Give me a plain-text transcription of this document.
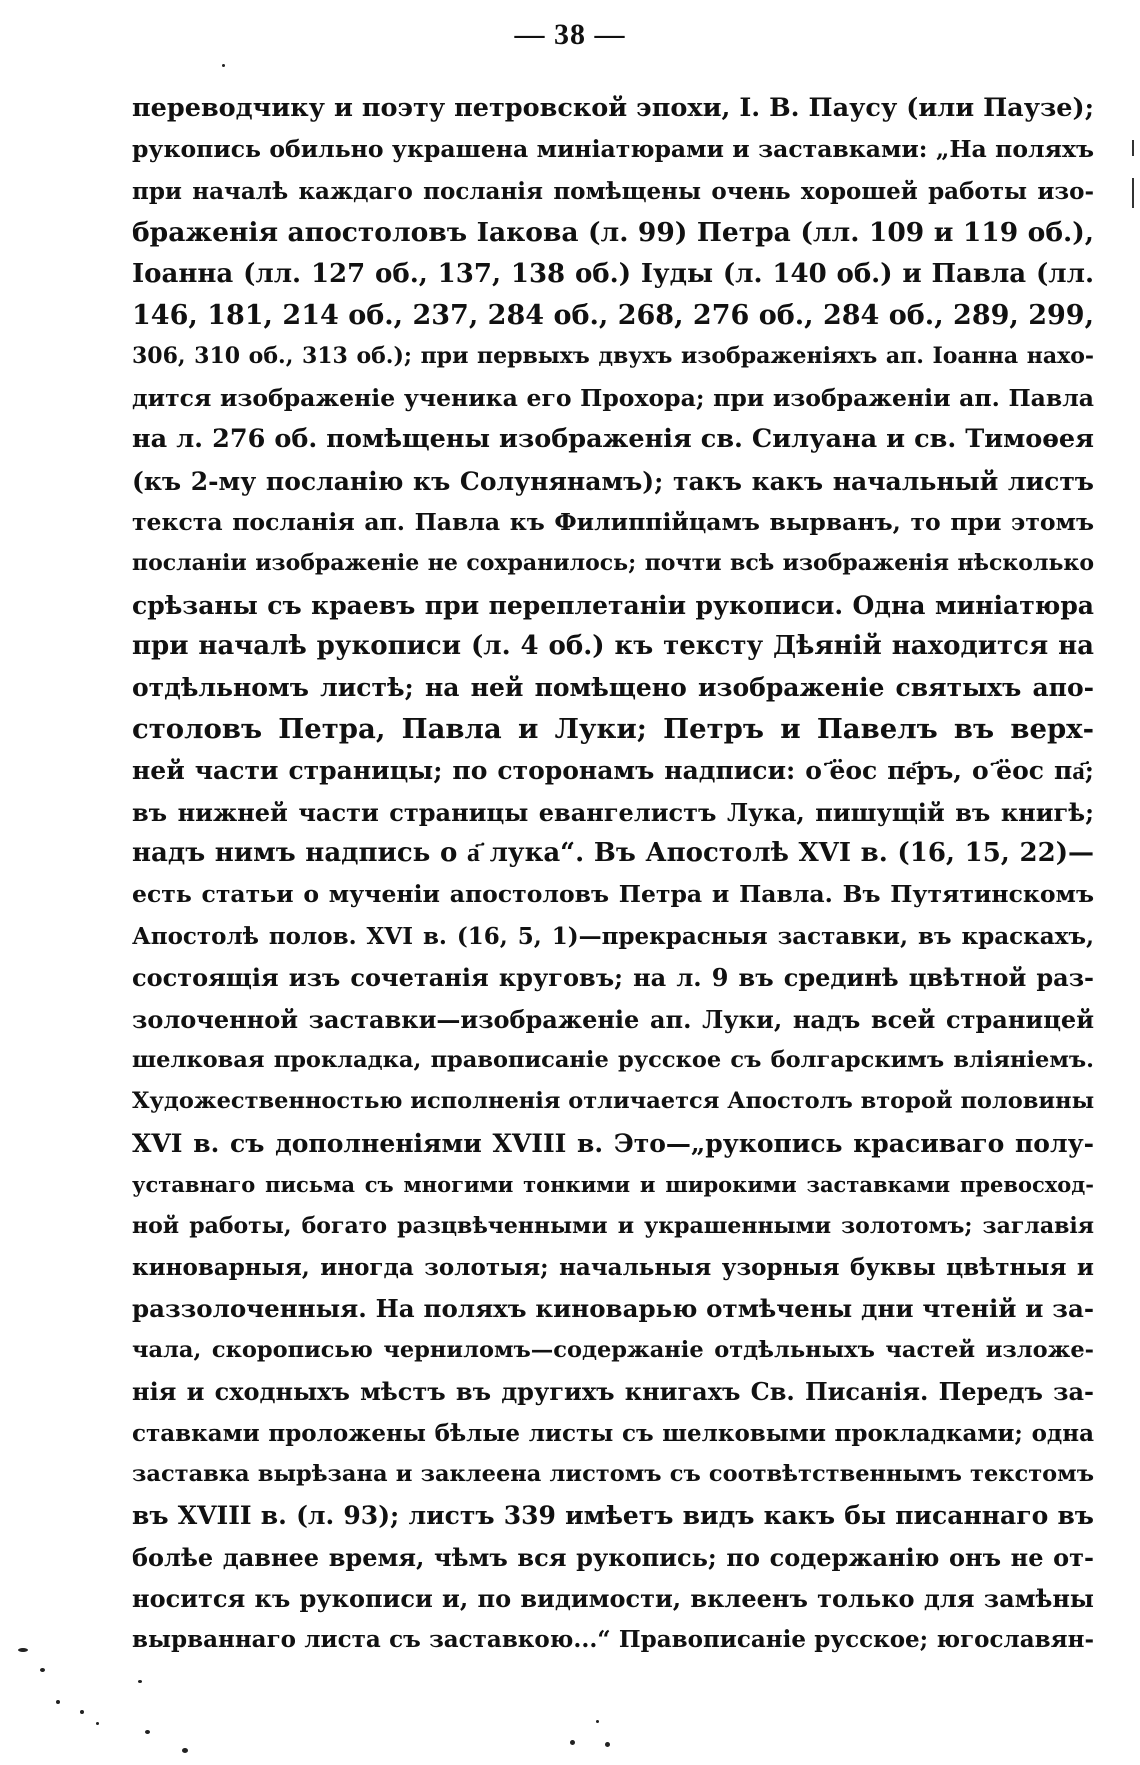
— 38 —
переводчику и поэту петровской эпохи, I. В. Паусу (или Паузе);
рукопись обильно украшена миніатюрами и заставками: „На поляхъ
при началѣ каждаго посланія помѣщены очень хорошей работы изо-
браженія апостоловъ Іакова (л. 99) Петра (лл. 109 и 119 об.),
Іоанна (лл. 127 об., 137, 138 об.) Іуды (л. 140 об.) и Павла (лл.
146, 181, 214 об., 237, 284 об., 268, 276 об., 284 об., 289, 299,
306, 310 об., 313 об.); при первыхъ двухъ изображеніяхъ ап. Іоанна нахо-
дится изображеніе ученика его Прохора; при изображеніи ап. Павла
на л. 276 об. помѣщены изображенія св. Силуана и св. Тимоѳея
(къ 2-му посланію къ Солунянамъ); такъ какъ начальный листъ
текста посланія ап. Павла къ Филиппійцамъ вырванъ, то при этомъ
посланіи изображеніе не сохранилось; почти всѣ изображенія нѣсколько
срѣзаны съ краевъ при переплетаніи рукописи. Одна миніатюра
при началѣ рукописи (л. 4 об.) къ тексту Дѣяній находится на
отдѣльномъ листѣ; на ней помѣщено изображеніе святыхъ апо-
столовъ Петра, Павла и Луки; Петръ и Павелъ въ верх-
ней части страницы; по сторонамъ надписи: о ҃ёос пе҃ръ, о ҃ёос па҃;
въ нижней части страницы евангелистъ Лука, пишущій въ книгѣ;
надъ нимъ надпись о а҃ лука“. Въ Апостолѣ XVI в. (16, 15, 22)—
есть статьи о мученіи апостоловъ Петра и Павла. Въ Путятинскомъ
Апостолѣ полов. XVI в. (16, 5, 1)—прекрасныя заставки, въ краскахъ,
состоящія изъ сочетанія круговъ; на л. 9 въ срединѣ цвѣтной раз-
золоченной заставки—изображеніе ап. Луки, надъ всей страницей
шелковая прокладка, правописаніе русское съ болгарскимъ вліяніемъ.
Художественностью исполненія отличается Апостолъ второй половины
XVI в. съ дополненіями XVIII в. Это—„рукопись красиваго полу-
уставнаго письма съ многими тонкими и широкими заставками превосход-
ной работы, богато разцвѣченными и украшенными золотомъ; заглавія
киноварныя, иногда золотыя; начальныя узорныя буквы цвѣтныя и
раззолоченныя. На поляхъ киноварью отмѣчены дни чтеній и за-
чала, скорописью черниломъ—содержаніе отдѣльныхъ частей изложе-
нія и сходныхъ мѣстъ въ другихъ книгахъ Св. Писанія. Передъ за-
ставками проложены бѣлые листы съ шелковыми прокладками; одна
заставка вырѣзана и заклеена листомъ съ соотвѣтственнымъ текстомъ
въ XVIII в. (л. 93); листъ 339 имѣетъ видъ какъ бы писаннаго въ
болѣе давнее время, чѣмъ вся рукопись; по содержанію онъ не от-
носится къ рукописи и, по видимости, вклеенъ только для замѣны
вырваннаго листа съ заставкою...“ Правописаніе русское; югославян-
